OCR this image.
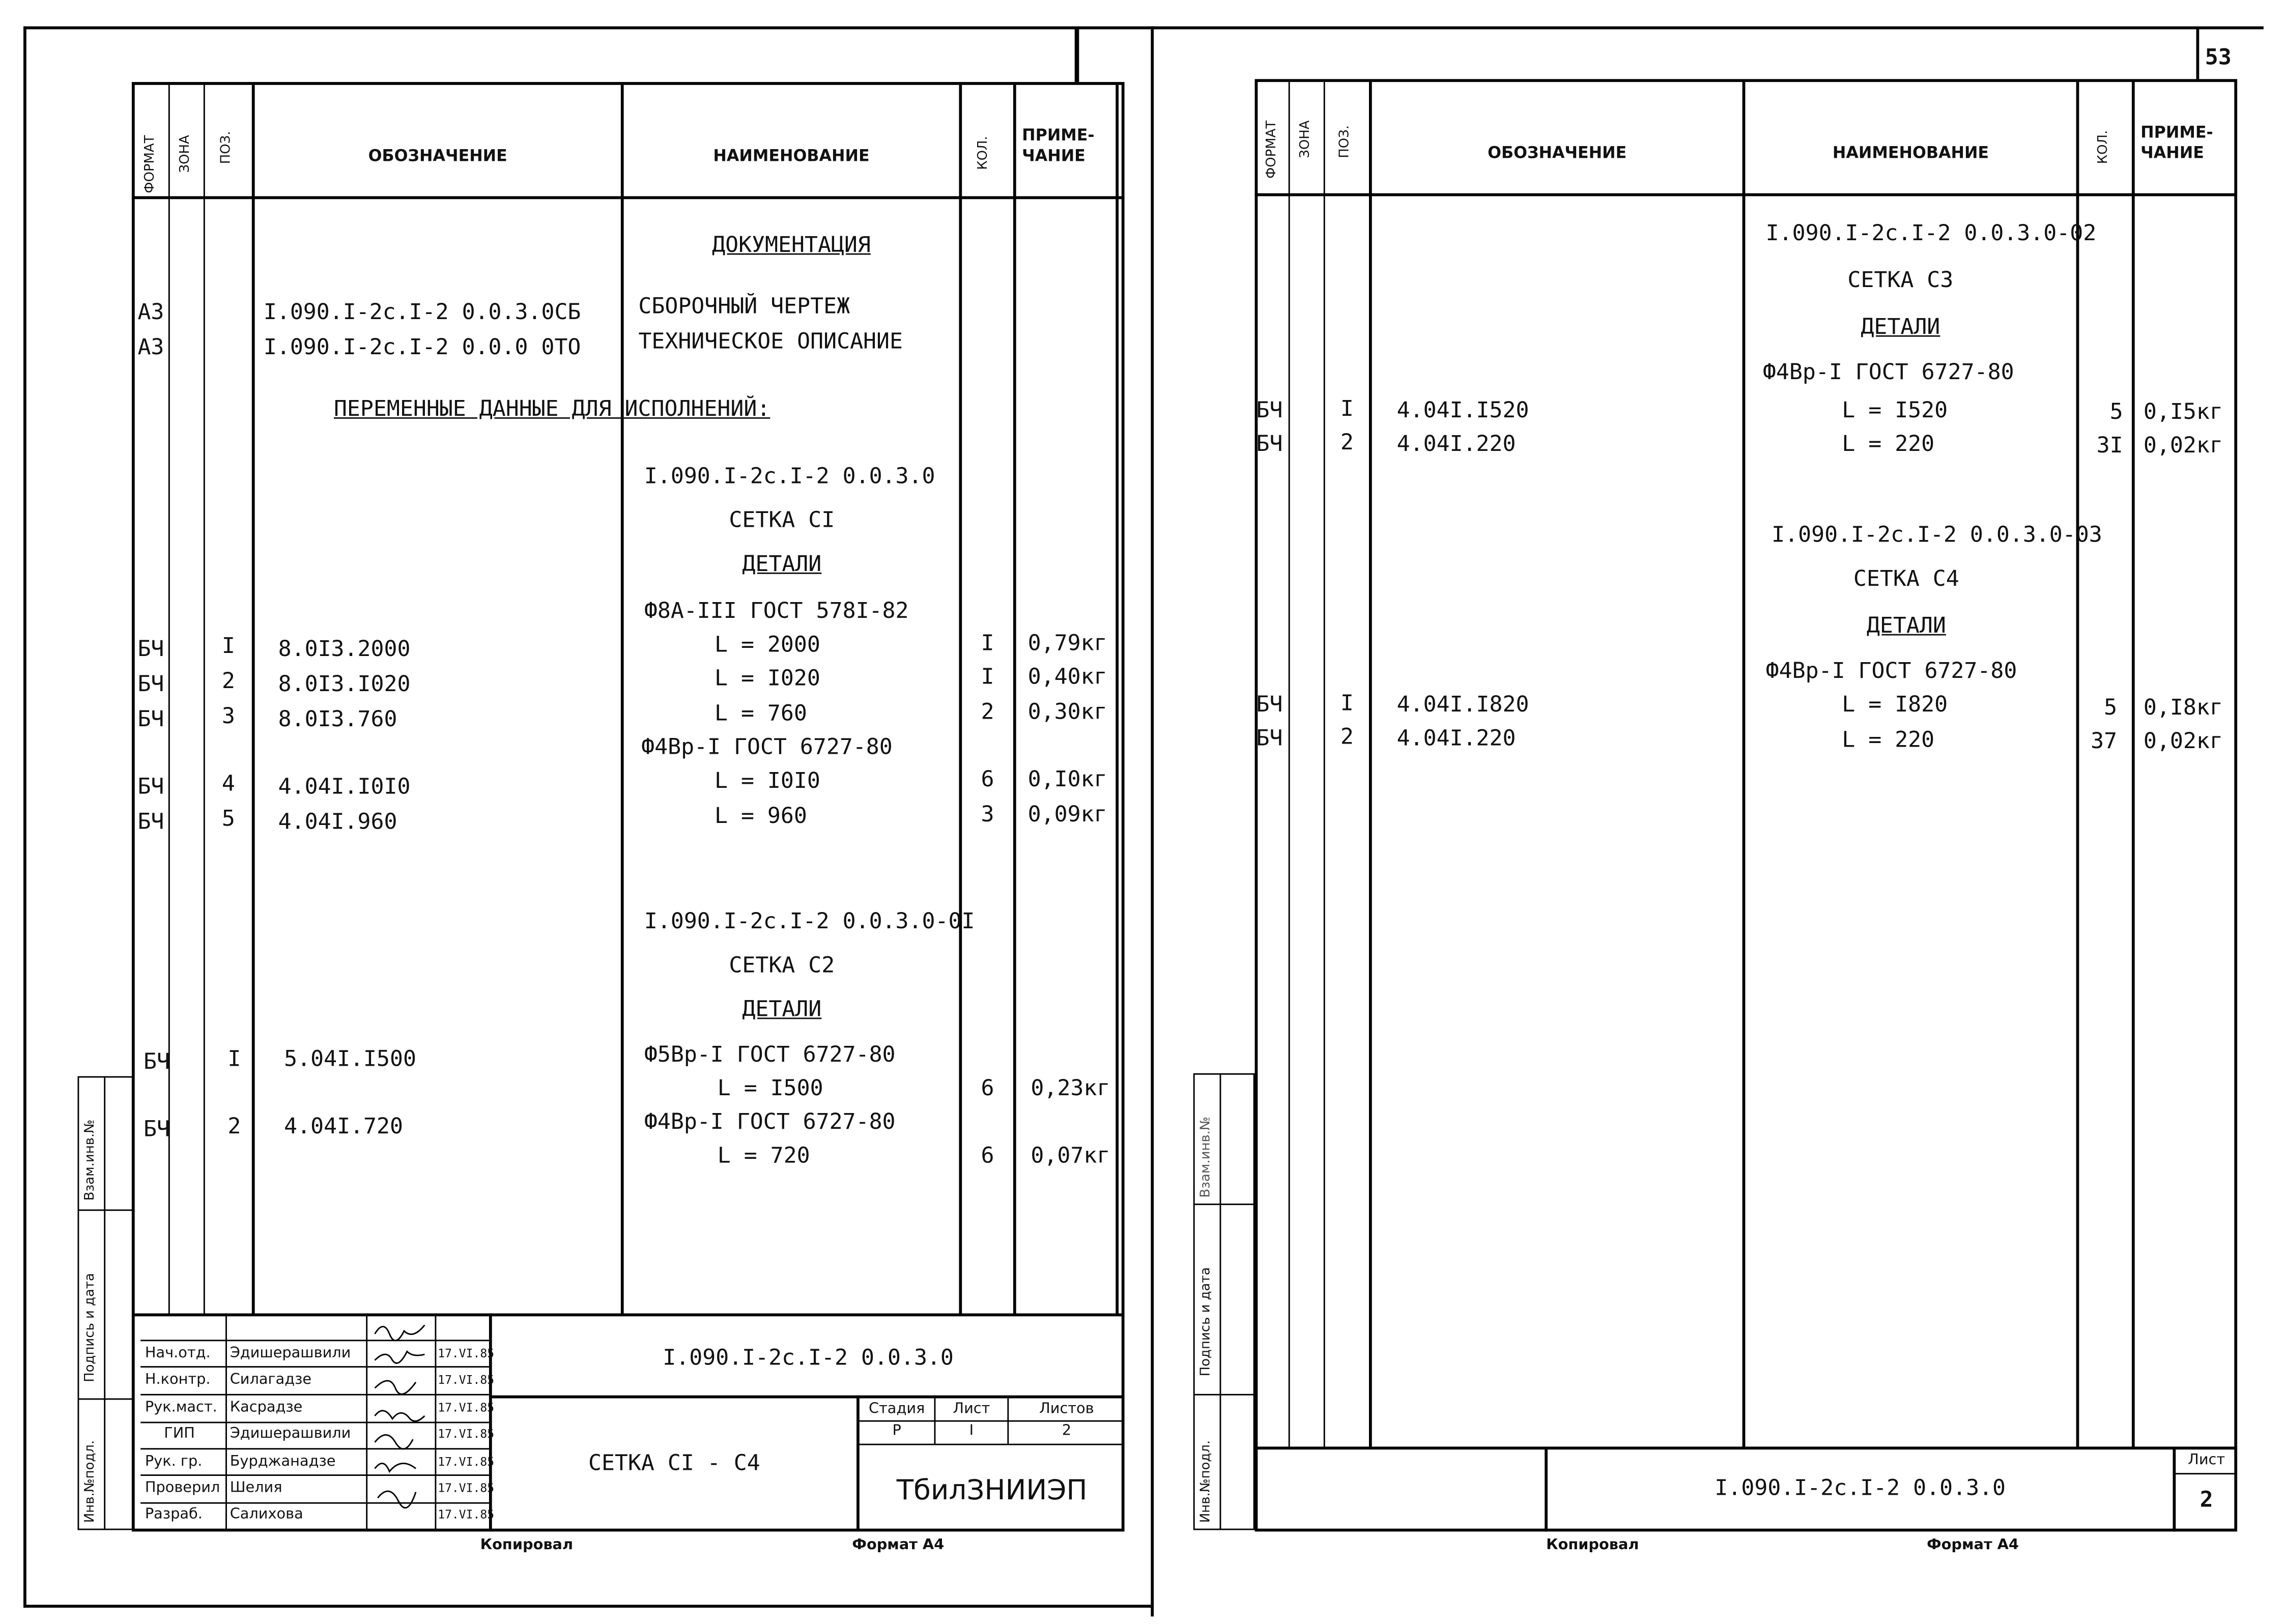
ФОРМАТ	ЗОНА	ПОЗ.	ОБОЗНАЧЕНИЕ	НАИМЕНОВАНИЕ	КОЛ.
ПРИМЕ-
ЧАНИЕ
ДОКУМЕНТАЦИЯ
A3	I.090.I-2c.I-2 0.0.3.0СБ	СБОРОЧНЫЙ ЧЕРТЕЖ
A3	I.090.I-2c.I-2 0.0.0 0ТО	ТЕХНИЧЕСКОЕ ОПИСАНИЕ
ПЕРЕМЕННЫЕ ДАННЫЕ ДЛЯ ИСПОЛНЕНИЙ:
I.090.I-2c.I-2 0.0.3.0
СЕТКА CI
ДЕТАЛИ
Ф8А-III ГОСТ 578I-82
БЧ	I	8.0I3.2000	L = 2000	I	0,79кг
БЧ	2	8.0I3.I020	L = I020	I	0,40кг
БЧ	3	8.0I3.760	L = 760	2	0,30кг
Ф4Вр-I ГОСТ 6727-80
БЧ	4	4.04I.I0I0	L = I0I0	6	0,I0кг
БЧ	5	4.04I.960	L = 960	3	0,09кг
I.090.I-2c.I-2 0.0.3.0-0I
СЕТКА С2
ДЕТАЛИ
БЧ	I	5.04I.I500	Ф5Вр-I ГОСТ 6727-80
L = I500	6	0,23кг
БЧ	2	4.04I.720	Ф4Вр-I ГОСТ 6727-80
L = 720	6	0,07кг
Взам.инв.№
Подпись и дата
Инв.№подл.
Нач.отд.	Эдишерашвили	17.VI.85
Н.контр.	Силагадзе	17.VI.85
Рук.маст. Касрадзе	17.VI.85
ГИП	Эдишерашвили	17.VI.85
Рук. гр.	Бурджанадзе	17.VI.85
Проверил Шелия	17.VI.85
Разраб.	Салихова	17.VI.85
I.090.I-2c.I-2 0.0.3.0
СЕТКА CI - C4
Стадия	Лист	Листов
Р	I	2
ТбилЗНИИЭП
Копировал	Формат А4
53
ФОРМАТ	ЗОНА	ПОЗ.	ОБОЗНАЧЕНИЕ	НАИМЕНОВАНИЕ	КОЛ.	ПРИМЕ-
ЧАНИЕ
I.090.I-2c.I-2 0.0.3.0-02
СЕТКА С3
ДЕТАЛИ
Ф4Вр-I ГОСТ 6727-80
БЧ	I	4.04I.I520	L = I520	5	0,I5кг
БЧ	2	4.04I.220	L = 220	3I	0,02кг
I.090.I-2c.I-2 0.0.3.0-03
СЕТКА С4
ДЕТАЛИ
Ф4Вр-I ГОСТ 6727-80
БЧ	I	4.04I.I820	L = I820	5	0,I8кг
БЧ	2	4.04I.220	L = 220	37	0,02кг
Взам.инв.№
Подпись и дата
Инв.№подл.	I.090.I-2c.I-2 0.0.3.0
Лист
2
Копировал	Формат А4
